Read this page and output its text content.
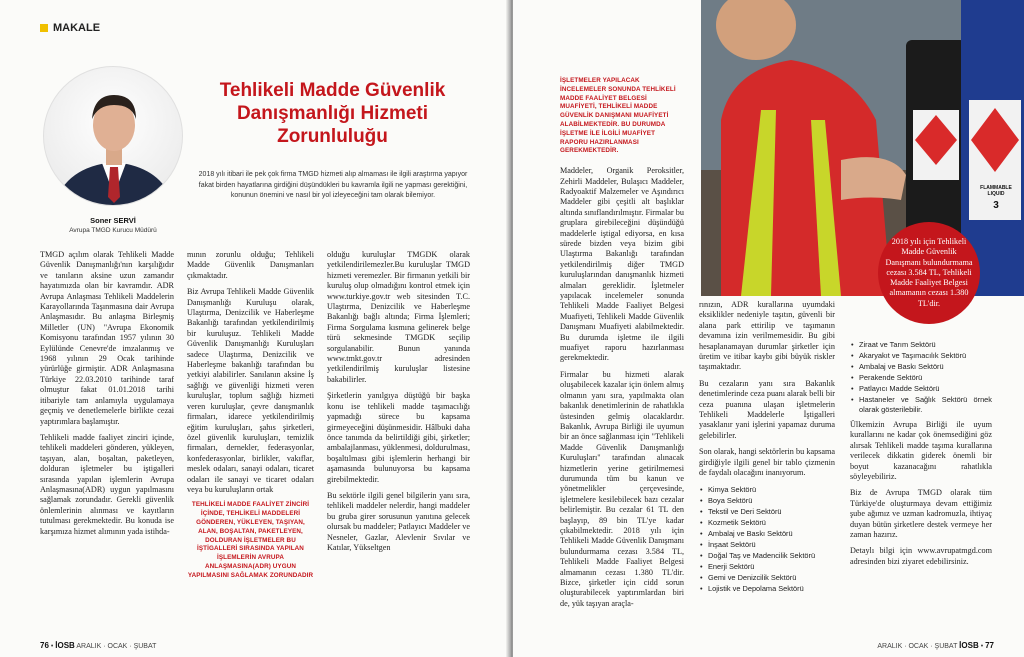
MAKALE
Soner SERVİ
Avrupa TMGD Kurucu Müdürü
Tehlikeli Madde Güvenlik Danışmanlığı Hizmeti Zorunluluğu
2018 yılı itibari ile pek çok firma TMGD hizmeti alıp almaması ile ilgili araştırma yapıyor fakat birden hayatlarına girdiğini düşündükleri bu kavramla ilgili ne yapması gerektiğini, konunun önemini ve nasıl bir yol izleyeceğini tam olarak bilemiyor.

TMGD açılım olarak Tehlikeli Madde Güvenlik Danışmanlığı'nın karşılığıdır ve tanıların aksine uzun zamandır hayatımızda olan bir kavramdır. ADR Avrupa Anlaşması Tehlikeli Maddelerin Karayollarında Taşınmasına dair Avrupa Anlaşmasıdır. Bu anlaşma Birleşmiş Milletler (UN) "Avrupa Ekonomik Komisyonu tarafından 1957 yılının 30 Eylülünde Cenevre'de imzalanmış ve 1968 yılının 29 Ocak tarihinde yürürlüğe girmiştir. ADR Anlaşmasına Türkiye 22.03.2010 tarihinde taraf olmuştur fakat 01.01.2018 tarihi itibariyle tam anlamıyla uygulamaya geçmiş ve denetlemelerle birlikte cezai yaptırımlara başlamıştır.

Tehlikeli madde faaliyet zinciri içinde, tehlikeli maddeleri gönderen, yükleyen, taşıyan, alan, boşaltan, paketleyen, dolduran işletmeler bu iştigalleri sırasında yapılan işlemlerin Avrupa Anlaşmasına(ADR) uygun yapılmasını sağlamak zorundadır. Gerekli güvenlik önlemlerinin alınması ve kayıtların tutulması gerekmektedir. Bu konuda ise karşımıza hizmet alımının yada istihda-

mının zorunlu olduğu; Tehlikeli Madde Güvenlik Danışmanları çıkmaktadır.

Biz Avrupa Tehlikeli Madde Güvenlik Danışmanlığı Kuruluşu olarak, Ulaştırma, Denizcilik ve Haberleşme Bakanlığı tarafından yetkilendirilmiş bir kuruluşuz. Tehlikeli Madde Güvenlik Danışmanlığı Kuruluşları sadece Ulaştırma, Denizcilik ve Haberleşme bakanlığı tarafından bu yetkiyi alabilirler. Sanılanın aksine İş sağlığı ve güvenliği hizmeti veren kuruluşlar, toplum sağlığı hizmeti veren kuruluşlar, çevre danışmanlık firmaları, idarece yetkilendirilmiş eğitim kuruluşları, şahıs şirketleri, özel güvenlik kuruluşları, temizlik firmaları, dernekler, federasyonlar, konfederasyonlar, birlikler, vakıflar, meslek odaları, sanayi odaları, ticaret odaları ile sanayi ve ticaret odaları veya bu kuruluşların ortak

TEHLİKELİ MADDE FAALİYET ZİNCİRİ İÇİNDE, TEHLİKELİ MADDELERİ GÖNDEREN, YÜKLEYEN, TAŞIYAN, ALAN, BOŞALTAN, PAKETLEYEN, DOLDURAN İŞLETMELER BU İŞTİGALLERİ SIRASINDA YAPILAN İŞLEMLERİN AVRUPA ANLAŞMASINA(ADR) UYGUN YAPILMASINI SAĞLAMAK ZORUNDADIR

olduğu kuruluşlar TMGDK olarak yetkilendirilemezler.Bu kuruluşlar TMGD hizmeti veremezler. Bir firmanın yetkili bir kuruluş olup olmadığını kontrol etmek için www.turkiye.gov.tr web sitesinden T.C. Ulaştırma, Denizcilik ve Haberleşme Bakanlığı bağlı altında; Firma İşlemleri; Firma Sorgulama kısmına gelinerek belge türü sekmesinde TMGDK seçilip sorgulanabilir. Bunun yanında www.tmkt.gov.tr adresinden yetkilendirilmiş kuruluşlar listesine bakabilirler.

Şirketlerin yanılgıya düştüğü bir başka konu ise tehlikeli madde taşımacılığı yapmadığı sürece bu kapsama girmeyeceğini düşünmesidir. Hâlbuki daha önce tanımda da belirtildiği gibi, şirketler; ambalajlanması, yüklenmesi, doldurulması, boşaltılması gibi işlemlerin herhangi bir aşamasında bulunuyorsa bu kapsama girebilmektedir.

Bu sektörle ilgili genel bilgilerin yanı sıra, tehlikeli maddeler nelerdir, hangi maddeler bu gruba girer sorusunun yanıtına gelecek olursak bu maddeler; Patlayıcı Maddeler ve Nesneler, Gazlar, Alevlenir Sıvılar ve Katılar, Yükseltgen

76 • İOSB ARALIK · OCAK · ŞUBAT
FLAMMABLE LIQUID
3
2018 yılı için Tehlikeli Madde Güvenlik Danışmanı bulundurmama cezası 3.584 TL, Tehlikeli Madde Faaliyet Belgesi almamanın cezası 1.380 TL'dir.
İŞLETMELER YAPILACAK İNCELEMELER SONUNDA TEHLİKELİ MADDE FAALİYET BELGESİ MUAFİYETİ, TEHLİKELİ MADDE GÜVENLİK DANIŞMANI MUAFİYETİ ALABİLMEKTEDİR. BU DURUMDA İŞLETME İLE İLGİLİ MUAFİYET RAPORU HAZIRLANMASI GEREKMEKTEDİR.

Maddeler, Organik Peroksitler, Zehirli Maddeler, Bulaşıcı Maddeler, Radyoaktif Malzemeler ve Aşındırıcı Maddeler gibi çeşitli alt başlıklar altında sınıflandırılmıştır. Firmalar bu gruplara girebileceğini düşündüğü maddelerle iştigal ediyorsa, en kısa sürede bizden veya bizim gibi Ulaştırma Bakanlığı tarafından yetkilendirilmiş diğer TMGD kuruluşlarından danışmanlık hizmeti almaları gereklidir. İşletmeler yapılacak incelemeler sonunda Tehlikeli Madde Faaliyet Belgesi Muafiyeti, Tehlikeli Madde Güvenlik Danışmanı Muafiyeti alabilmektedir. Bu durumda işletme ile ilgili muafiyet raporu hazırlanması gerekmektedir.

Firmalar bu hizmeti alarak oluşabilecek kazalar için önlem almış olmanın yanı sıra, yapılmakta olan bakanlık denetimlerinin de rahatlıkla üstesinden gelmiş olacaklardır. Bakanlık, Avrupa Birliği ile uyumun bir an önce sağlanması için "Tehlikeli Madde Güvenlik Danışmanlığı Kuruluşları" tarafından alınacak hizmetlerin yerine getirilmemesi durumunda tüm bu kanun ve yönetmelikler çerçevesinde, işletmelere kesilebilecek bazı cezalar belirlemiştir. Bu cezalar 61 TL den başlayıp, 89 bin TL'ye kadar çıkabilmektedir. 2018 yılı için Tehlikeli Madde Güvenlik Danışmanı bulundurmama cezası 3.584 TL, Tehlikeli Madde Faaliyet Belgesi almamanın cezası 1.380 TL'dir. Bizce, şirketler için cidd sorun oluşturabilecek yaptırımlardan biri de, yük taşıyan araçla-

rınızın, ADR kurallarına uyumdaki eksiklikler nedeniyle taşıtın, güvenli bir alana park ettirilip ve taşımanın devamına izin verilmemesidir. Bu gibi hesaplanamayan durumlar şirketler için üretim ve itibar kaybı gibi büyük riskler taşımaktadır.

Bu cezaların yanı sıra Bakanlık denetimlerinde ceza puanı alarak belli bir ceza puanına ulaşan işletmelerin Tehlikeli Maddelerle İştigalleri yasaklanır yani işlerini yapamaz duruma gelebilirler.

Son olarak, hangi sektörlerin bu kapsama girdiğiyle ilgili genel bir tablo çizmenin de faydalı olacağını inanıyorum.

• Kimya Sektörü
• Boya Sektörü
• Tekstil ve Deri Sektörü
• Kozmetik Sektörü
• Ambalaj ve Baskı Sektörü
• İnşaat Sektörü
• Doğal Taş ve Madencilik Sektörü
• Enerji Sektörü
• Gemi ve Denizcilik Sektörü
• Lojistik ve Depolama Sektörü
• Ziraat ve Tarım Sektörü
• Akaryakıt ve Taşımacılık Sektörü
• Ambalaj ve Baskı Sektörü
• Perakende Sektörü
• Patlayıcı Madde Sektörü
• Hastaneler ve Sağlık Sektörü örnek olarak gösterilebilir.

Ülkemizin Avrupa Birliği ile uyum kurallarını ne kadar çok önemsediğini göz alırsak Tehlikeli madde taşıma kurallarına verilecek dikkatin giderek önemli bir boyut kazanacağını rahatlıkla söyleyebiliriz.

Biz de Avrupa TMGD olarak tüm Türkiye'de oluşturmaya devam ettiğimiz şube ağımız ve uzman kadromuzla, ihtiyaç duyan bütün şirketlere destek vermeye her zaman hazırız.

Detaylı bilgi için www.avrupatmgd.com adresinden bizi ziyaret edebilirsiniz.

ARALIK · OCAK · ŞUBAT İOSB • 77
